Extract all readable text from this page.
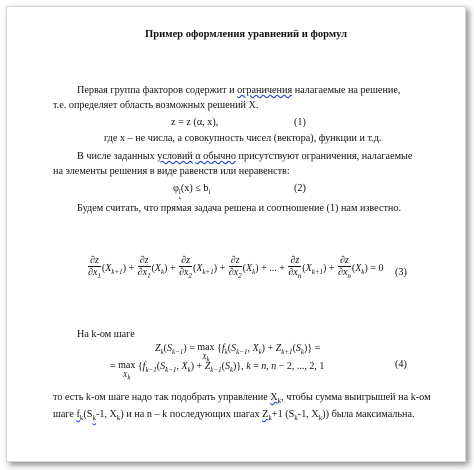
Пример оформления уравнений и формул
Первая группа факторов содержит и ограничения налагаемые на решение,
т.е. определяет область возможных решений X.
z = z (α, x),	(1)
где x – не числа, а совокупность чисел (вектора), функции и т.д.
В числе заданных условий α обычно присутствуют ограничения, налагаемые
на элементы решения в виде равенств или неравенств:
$\varphi_i(x) \le b_i$	(2)
Будем считать, что прямая задача решена и соотношение (1) нам известно.
$\frac{\partial z}{\partial x_1} (X_{k+1}) + \frac{\partial z}{\partial x_1} (X_k) + \frac{\partial z}{\partial x_2} (X_{k+1}) + \frac{\partial z}{\partial x_2} (X_k)$ + ... + $\frac{\partial z}{\partial x_n} (X_{k+1}) + \frac{\partial z}{\partial x_n} (X_k) = 0$ (3)
На k-ом шаге
$Z_k(S_{k-1}) = \max$
$X_k$ {$f_k(S_{k-1}$, $X_k) + Z_{k+1}(S_k)$} =
= max
$X_k$ {$f_{k-1}(S_{k-1}$, $X_k) + Z_{k-1}(S_k)$}, k = n, n − 2, ..., 2, 1	(4)
то есть k-ом шаге надо так подобрать управление $X_k$, чтобы сумма выигрышей на k-ом
шаге $f_k(S_k-1$, $X_k$) и на n – k последующих шагах $Z_k+1$ ($S_k-1$, $X_k$)) была максимальна.
